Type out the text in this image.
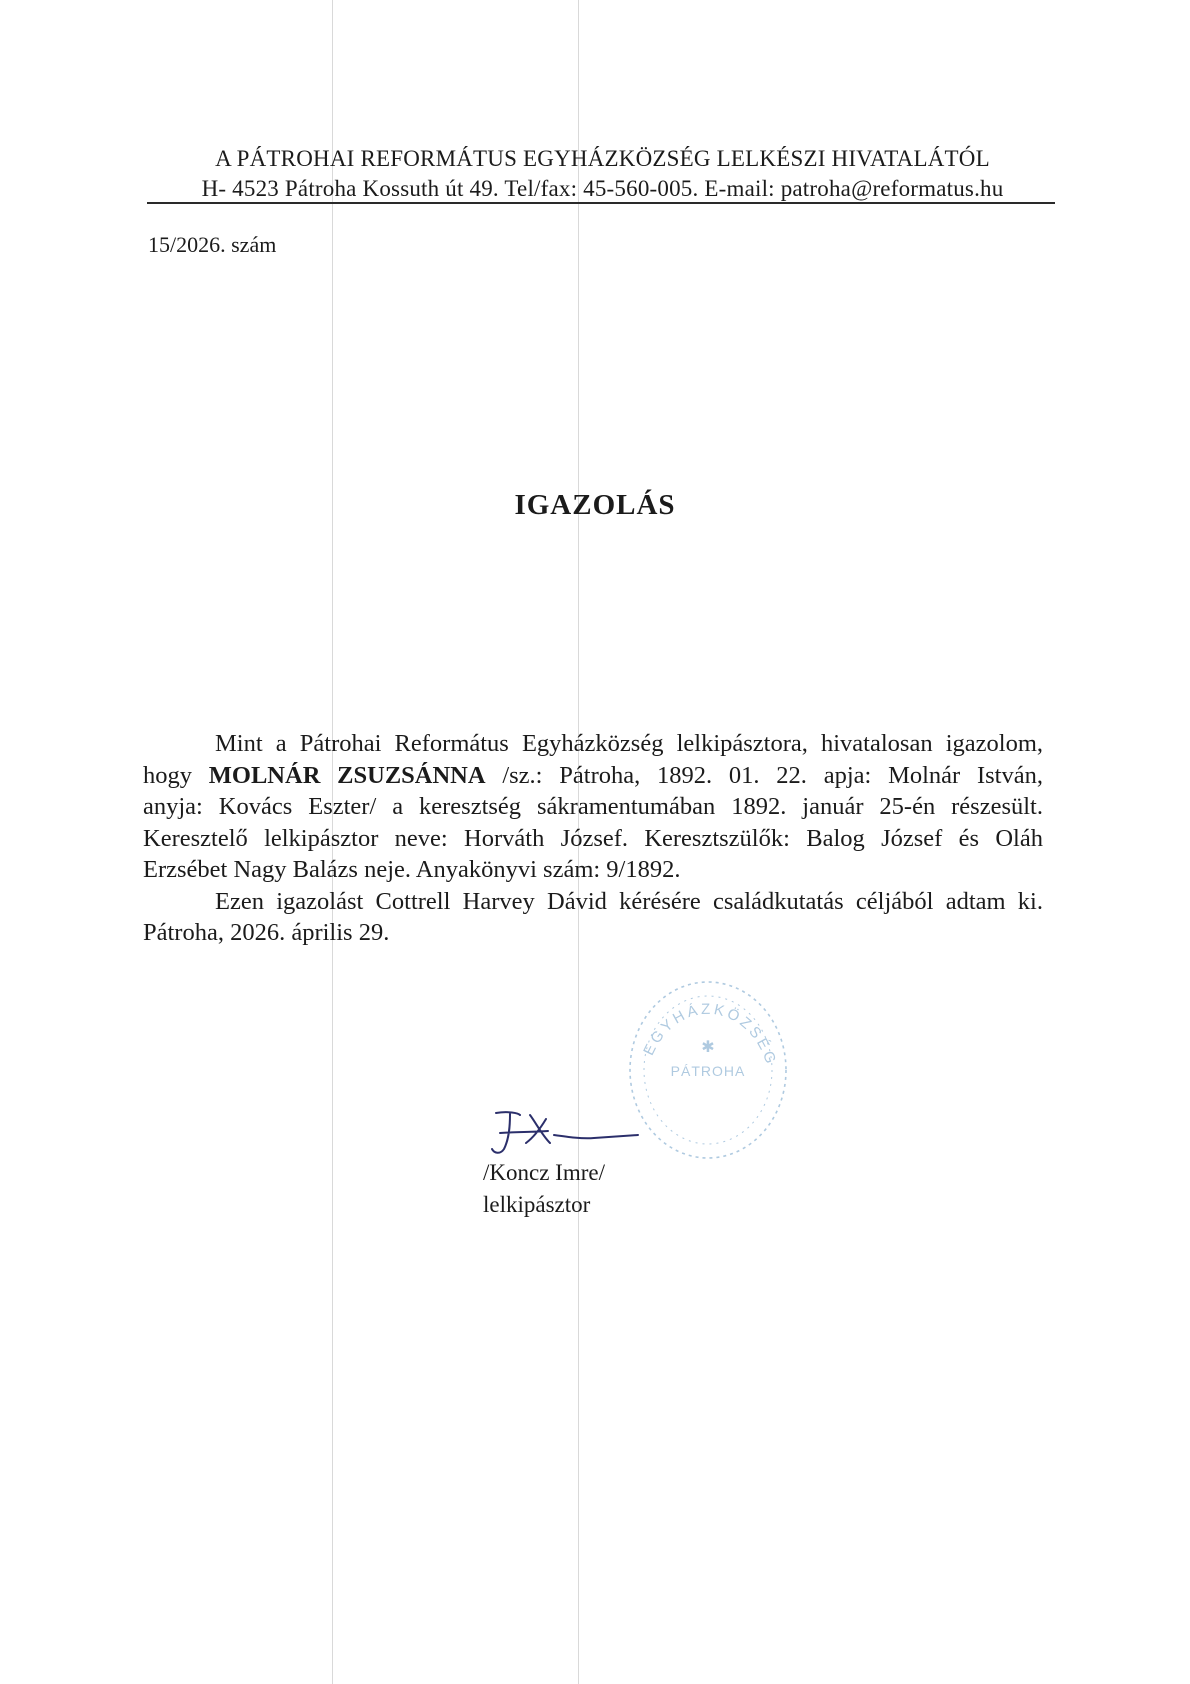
A PÁTROHAI REFORMÁTUS EGYHÁZKÖZSÉG LELKÉSZI HIVATALÁTÓL
H- 4523 Pátroha Kossuth út 49. Tel/fax: 45-560-005. E-mail: patroha@reformatus.hu
15/2026. szám
IGAZOLÁS

Mint a Pátrohai Református Egyházközség lelkipásztora, hivatalosan igazolom,

hogy MOLNÁR ZSUZSÁNNA /sz.: Pátroha, 1892. 01. 22. apja: Molnár István,

anyja: Kovács Eszter/ a keresztség sákramentumában 1892. január 25-én részesült.

Keresztelő lelkipásztor neve: Horváth József. Keresztszülők: Balog József és Oláh

Erzsébet Nagy Balázs neje. Anyakönyvi szám: 9/1892.

Ezen igazolást Cottrell Harvey Dávid kérésére családkutatás céljából adtam ki.

Pátroha, 2026. április 29.

EGYHÁZKÖZSÉG
PÁTROHA
✱
/Koncz Imre/
lelkipásztor
